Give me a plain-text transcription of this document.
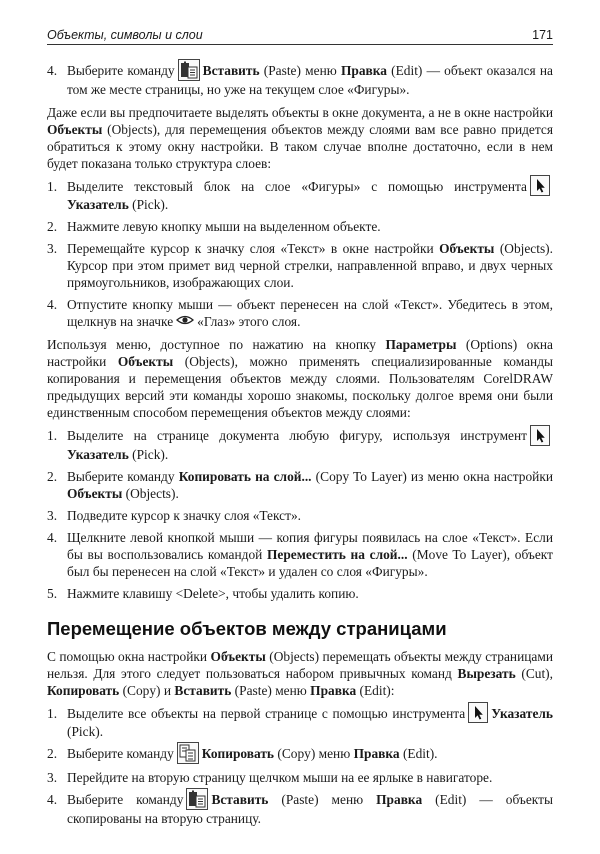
Объекты, символы и слои	171
4. Выберите команду Вставить (Paste) меню Правка (Edit) — объект оказался на том же месте страницы, но уже на текущем слое «Фигуры».

Даже если вы предпочитаете выделять объекты в окне документа, а не в окне настройки Объекты (Objects), для перемещения объектов между слоями вам все равно придется обратиться к этому окну настройки. В таком случае вполне достаточно, если в нем будет показана только структура слоев:

1. Выделите текстовый блок на слое «Фигуры» с помощью инструмента
Указатель (Pick).
2. Нажмите левую кнопку мыши на выделенном объекте.
3. Перемещайте курсор к значку слоя «Текст» в окне настройки Объекты (Objects). Курсор при этом примет вид черной стрелки, направленной вправо, и двух черных прямоугольников, изображающих слои.
4. Отпустите кнопку мыши — объект перенесен на слой «Текст». Убедитесь в этом, щелкнув на значке «Глаз» этого слоя.

Используя меню, доступное по нажатию на кнопку Параметры (Options) окна настройки Объекты (Objects), можно применять специализированные команды копирования и перемещения объектов между слоями. Пользователям CorelDRAW предыдущих версий эти команды хорошо знакомы, поскольку долгое время они были единственным способом перемещения объектов между слоями:

1. Выделите на странице документа любую фигуру, используя инструмент
Указатель (Pick).
2. Выберите команду Копировать на слой... (Copy To Layer) из меню окна настройки Объекты (Objects).
3. Подведите курсор к значку слоя «Текст».
4. Щелкните левой кнопкой мыши — копия фигуры появилась на слое «Текст». Если бы вы воспользовались командой Переместить на слой... (Move To Layer), объект был бы перенесен на слой «Текст» и удален со слоя «Фигуры».
5. Нажмите клавишу <Delete>, чтобы удалить копию.
Перемещение объектов между страницами

С помощью окна настройки Объекты (Objects) перемещать объекты между страницами нельзя. Для этого следует пользоваться набором привычных команд Вырезать (Cut), Копировать (Copy) и Вставить (Paste) меню Правка (Edit):

1. Выделите все объекты на первой странице с помощью инструмента Указатель (Pick).
2. Выберите команду Копировать (Copy) меню Правка (Edit).
3. Перейдите на вторую страницу щелчком мыши на ее ярлыке в навигаторе.
4. Выберите команду Вставить (Paste) меню Правка (Edit) — объекты скопированы на вторую страницу.
